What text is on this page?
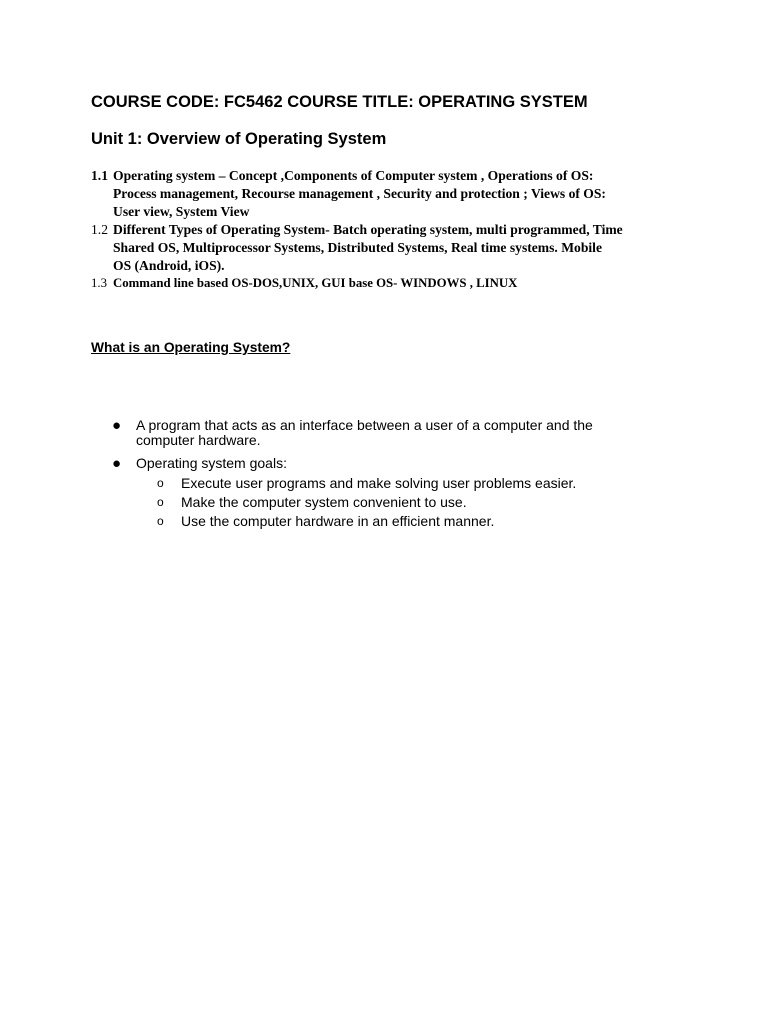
COURSE CODE: FC5462 COURSE TITLE: OPERATING SYSTEM
Unit 1: Overview of Operating System
1.1 Operating system – Concept ,Components of Computer system , Operations of OS: Process management, Recourse management , Security and protection ; Views of OS: User view, System View
1.2 Different Types of Operating System- Batch operating system, multi programmed, Time Shared OS, Multiprocessor Systems, Distributed Systems, Real time systems. Mobile OS (Android, iOS).
1.3 Command line based OS-DOS,UNIX, GUI base OS- WINDOWS , LINUX
What is an Operating System?
●	A program that acts as an interface between a user of a computer and the computer hardware.
●	Operating system goals:
o	Execute user programs and make solving user problems easier.
o	Make the computer system convenient to use.
o	Use the computer hardware in an efficient manner.
